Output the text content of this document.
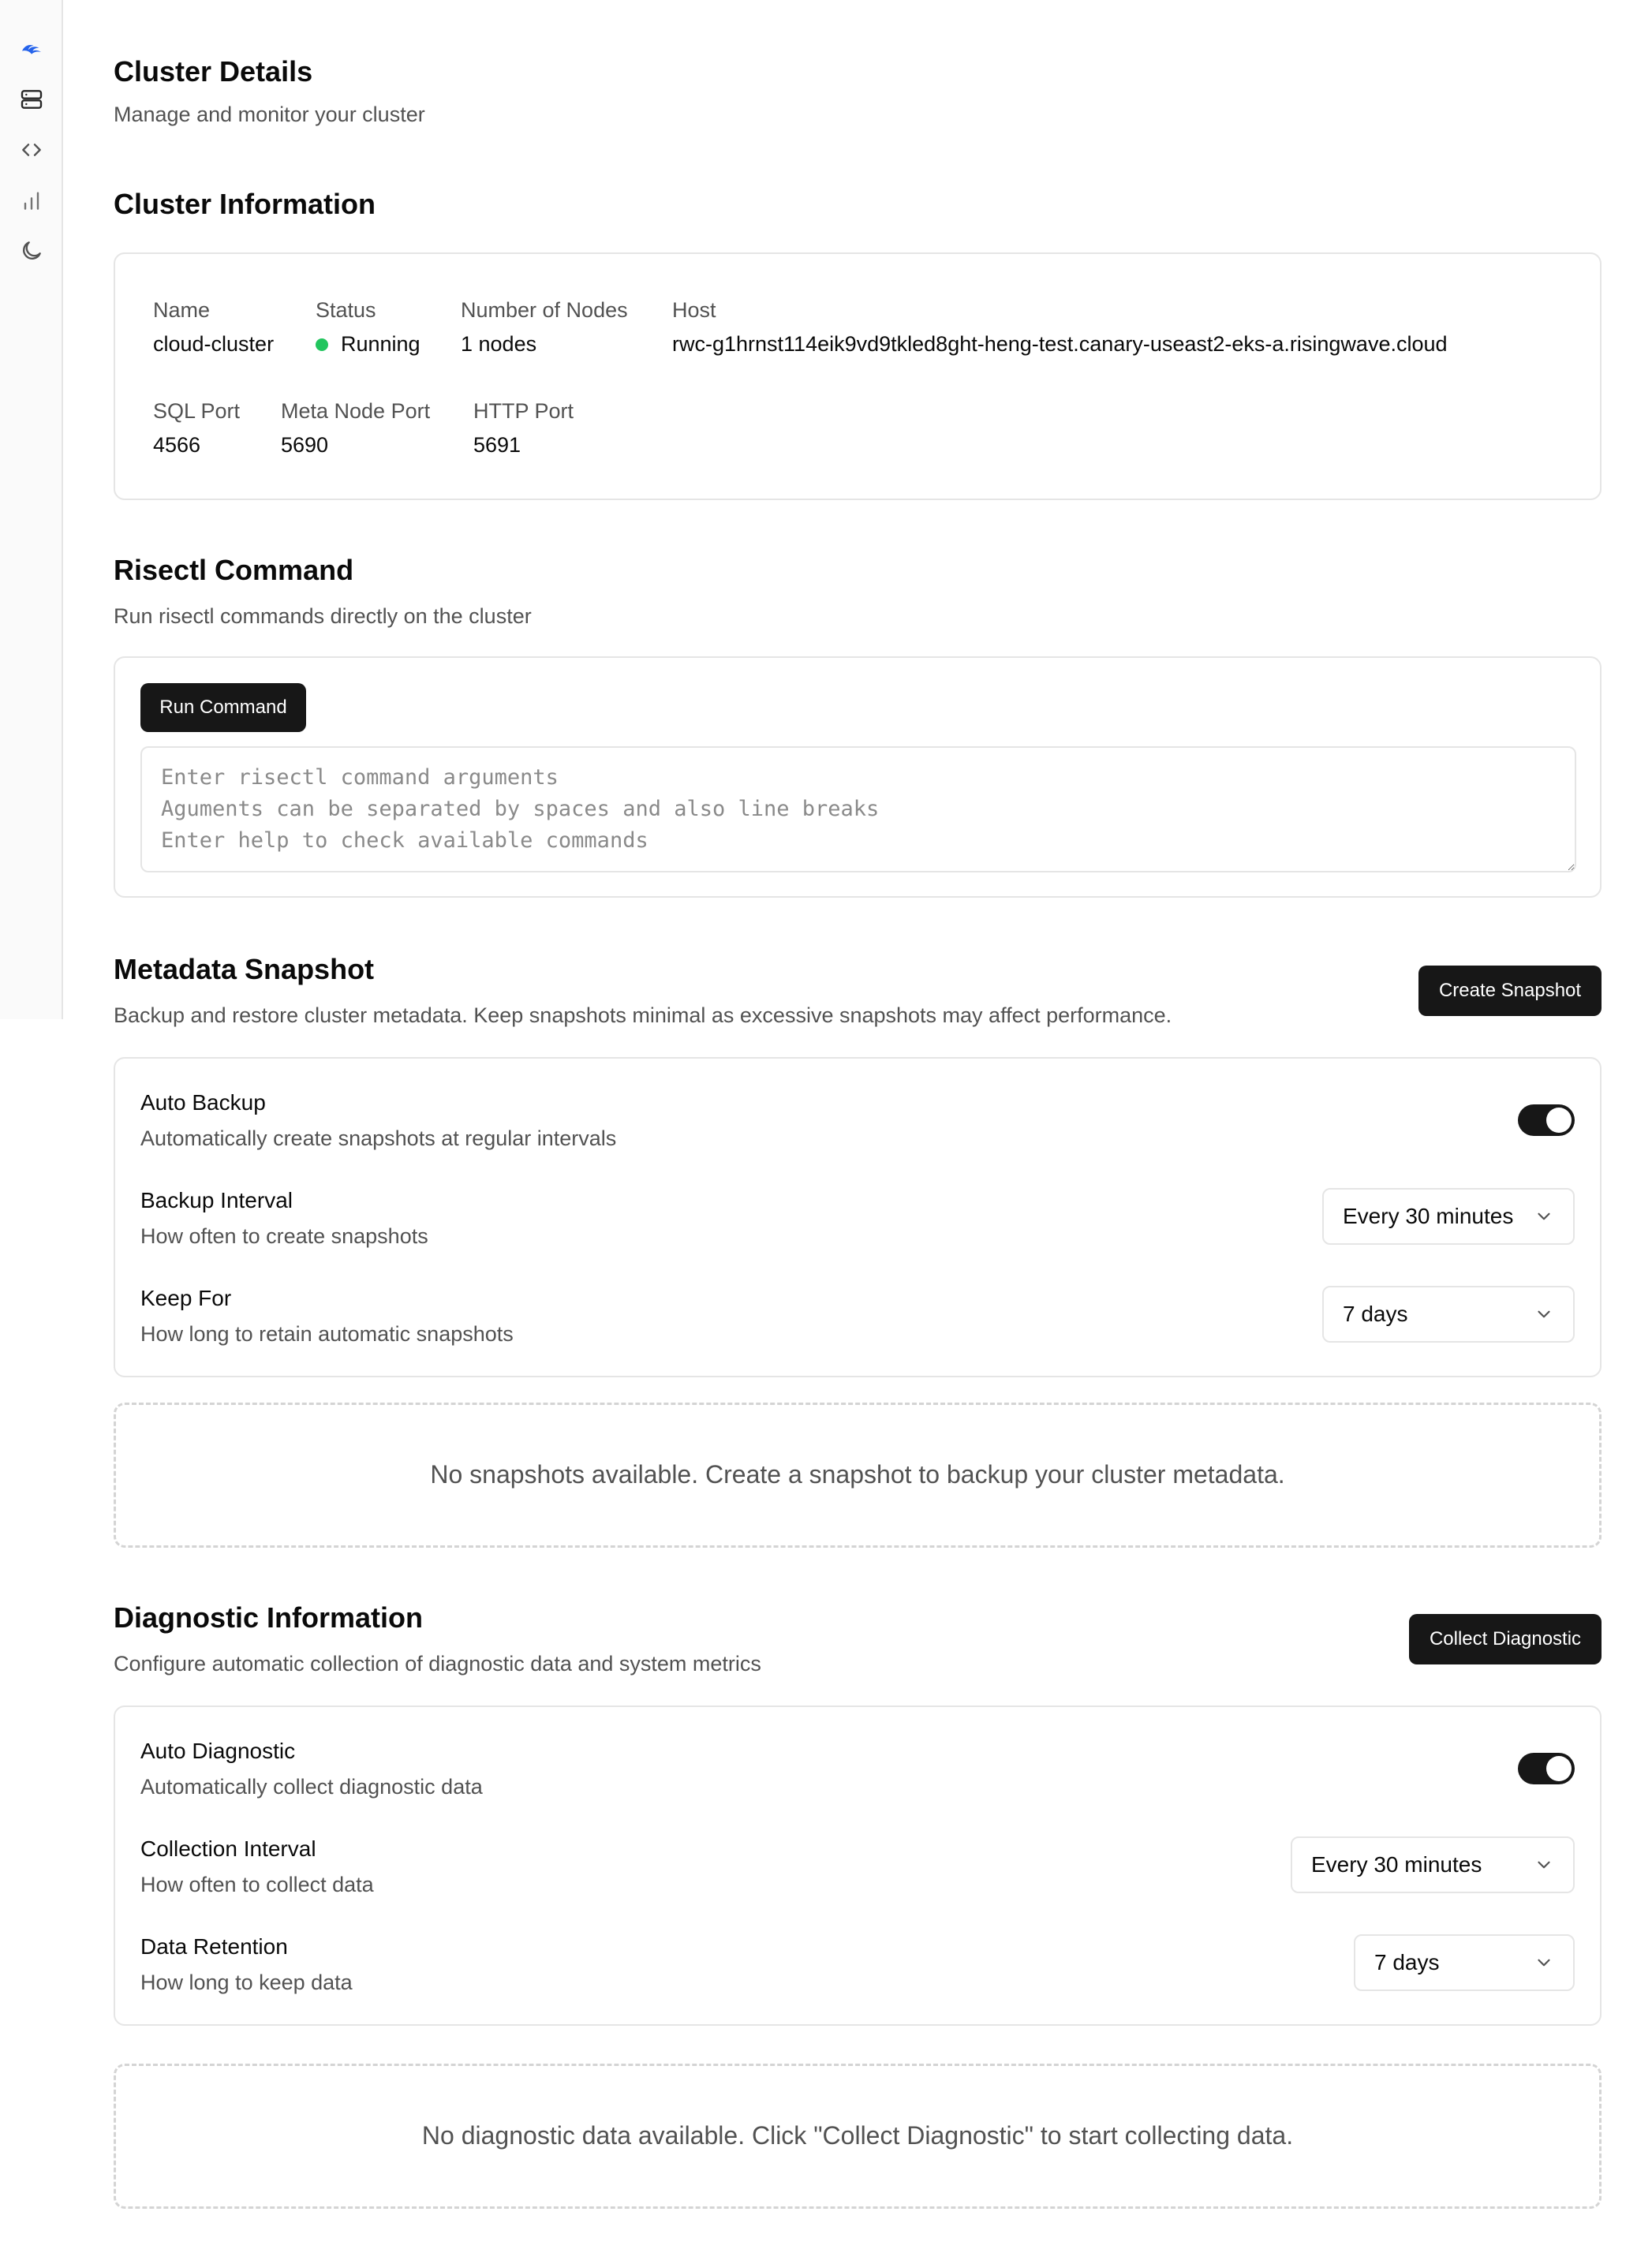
Cluster Details
Manage and monitor your cluster
Cluster Information
Name
cloud-cluster
Status
Running
Number of Nodes
1 nodes
Host
rwc-g1hrnst114eik9vd9tkled8ght-heng-test.canary-useast2-eks-a.risingwave.cloud
SQL Port
4566
Meta Node Port
5690
HTTP Port
5691
Risectl Command
Run risectl commands directly on the cluster
Run Command
Enter risectl command arguments Aguments can be separated by spaces and also line breaks Enter help to check available commands
Metadata Snapshot
Backup and restore cluster metadata. Keep snapshots minimal as excessive snapshots may affect performance.
Create Snapshot
Auto Backup
Automatically create snapshots at regular intervals
Backup Interval
How often to create snapshots
Every 30 minutes
Keep For
How long to retain automatic snapshots
7 days
No snapshots available. Create a snapshot to backup your cluster metadata.
Diagnostic Information
Configure automatic collection of diagnostic data and system metrics
Collect Diagnostic
Auto Diagnostic
Automatically collect diagnostic data
Collection Interval
How often to collect data
Every 30 minutes
Data Retention
How long to keep data
7 days
No diagnostic data available. Click "Collect Diagnostic" to start collecting data.
